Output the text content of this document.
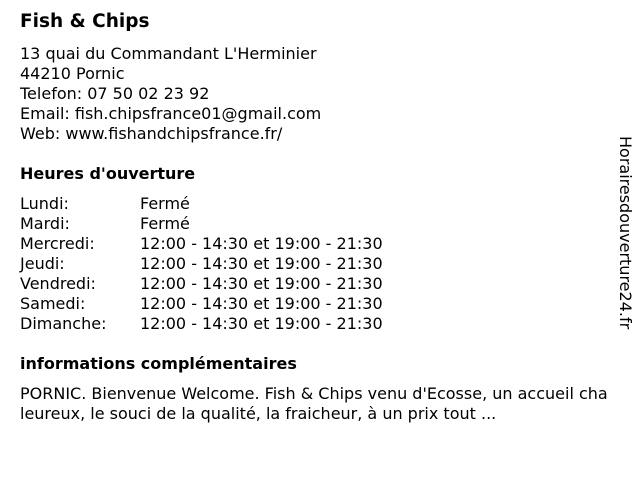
Fish & Chips
13 quai du Commandant L'Herminier
44210 Pornic
Telefon: 07 50 02 23 92
Email: fish.chipsfrance01@gmail.com
Web: www.fishandchipsfrance.fr/
Heures d'ouverture
Lundi:	Fermé
Mardi:	Fermé
Mercredi:	12:00 - 14:30 et 19:00 - 21:30
Jeudi:	12:00 - 14:30 et 19:00 - 21:30
Vendredi:	12:00 - 14:30 et 19:00 - 21:30
Samedi:	12:00 - 14:30 et 19:00 - 21:30
Dimanche:	12:00 - 14:30 et 19:00 - 21:30
informations complémentaires
PORNIC. Bienvenue Welcome. Fish & Chips venu d'Ecosse, un accueil chaleureux, le souci de la qualité, la fraicheur, à un prix tout ...
Horairesdouverture24.fr
